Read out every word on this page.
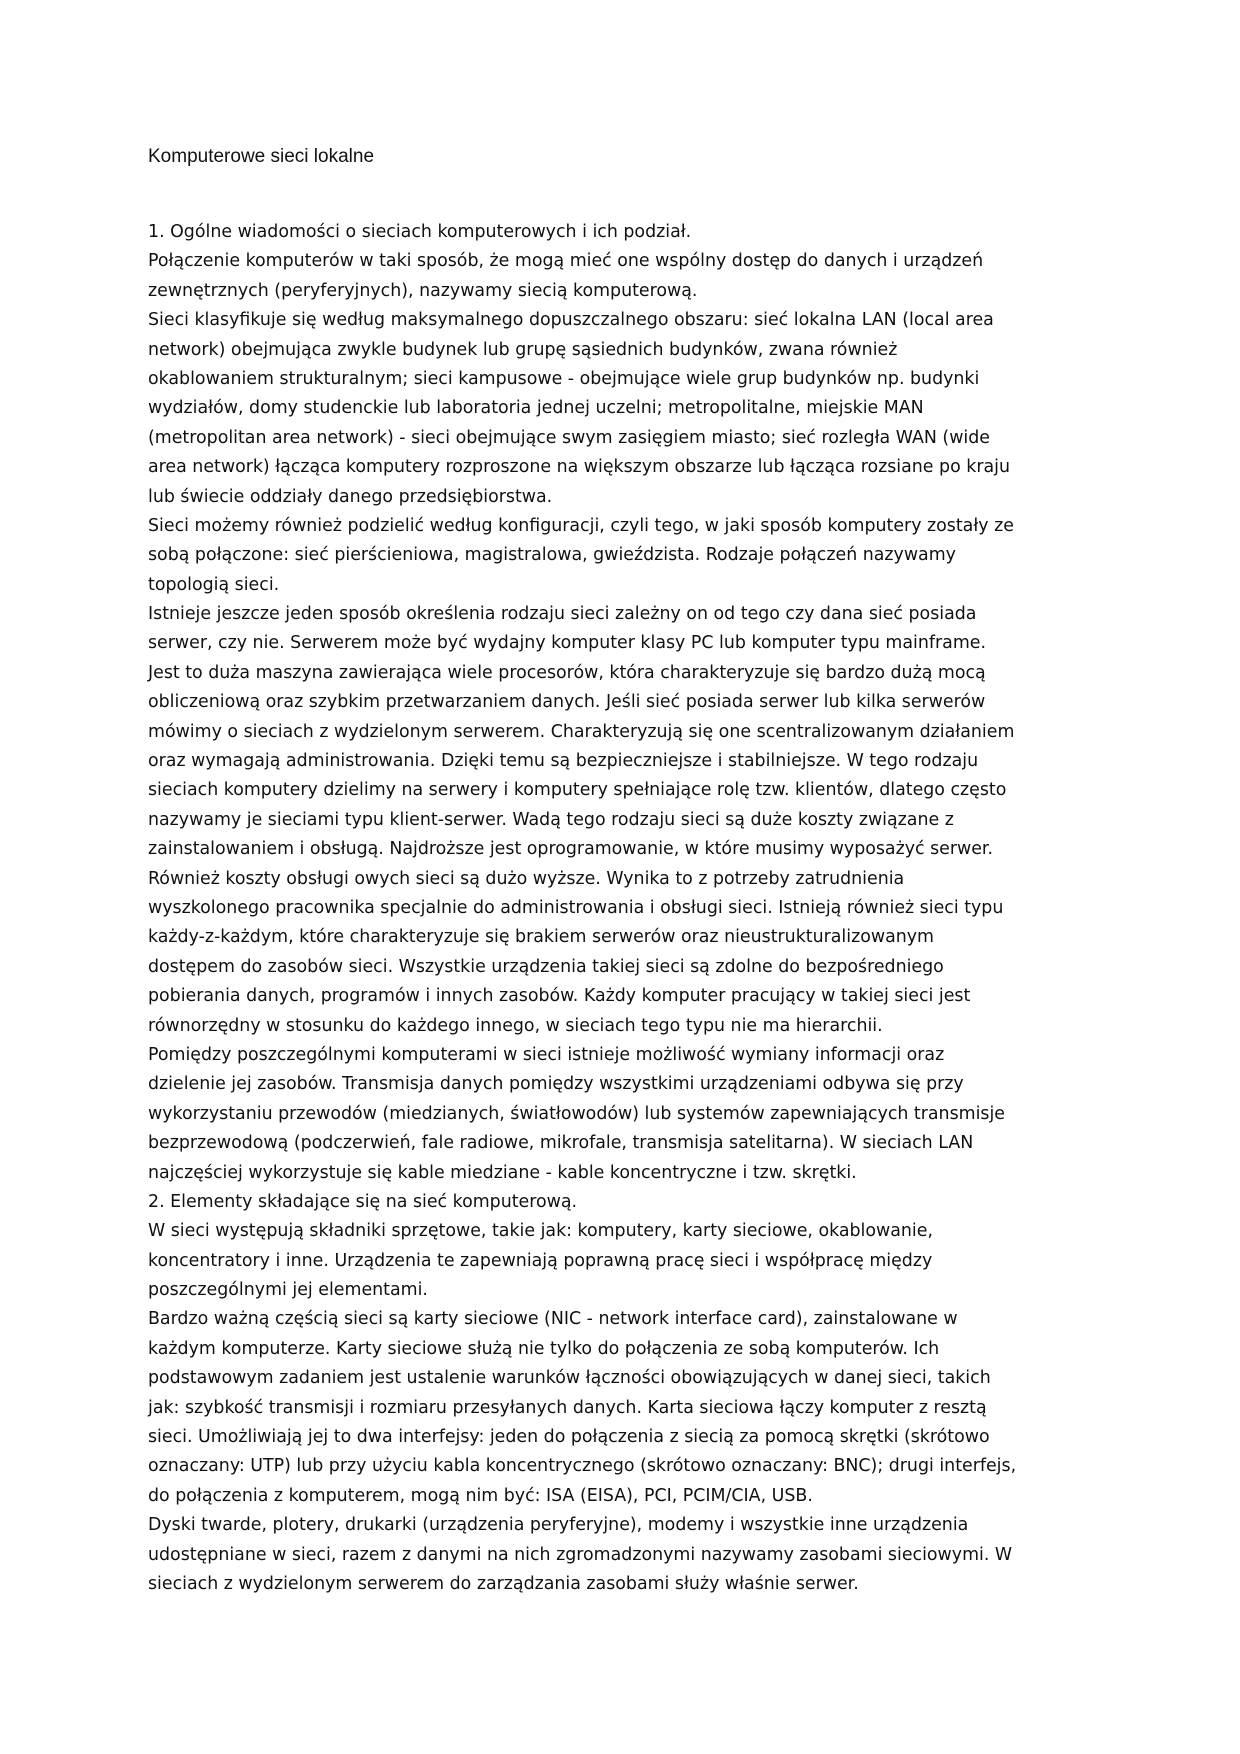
Komputerowe sieci lokalne
1. Ogólne wiadomości o sieciach komputerowych i ich podział.
Połączenie komputerów w taki sposób, że mogą mieć one wspólny dostęp do danych i urządzeń
zewnętrznych (peryferyjnych), nazywamy siecią komputerową.
Sieci klasyfikuje się według maksymalnego dopuszczalnego obszaru: sieć lokalna LAN (local area
network) obejmująca zwykle budynek lub grupę sąsiednich budynków, zwana również
okablowaniem strukturalnym; sieci kampusowe - obejmujące wiele grup budynków np. budynki
wydziałów, domy studenckie lub laboratoria jednej uczelni; metropolitalne, miejskie MAN
(metropolitan area network) - sieci obejmujące swym zasięgiem miasto; sieć rozległa WAN (wide
area network) łącząca komputery rozproszone na większym obszarze lub łącząca rozsiane po kraju
lub świecie oddziały danego przedsiębiorstwa.
Sieci możemy również podzielić według konfiguracji, czyli tego, w jaki sposób komputery zostały ze
sobą połączone: sieć pierścieniowa, magistralowa, gwieździsta. Rodzaje połączeń nazywamy
topologią sieci.
Istnieje jeszcze jeden sposób określenia rodzaju sieci zależny on od tego czy dana sieć posiada
serwer, czy nie. Serwerem może być wydajny komputer klasy PC lub komputer typu mainframe.
Jest to duża maszyna zawierająca wiele procesorów, która charakteryzuje się bardzo dużą mocą
obliczeniową oraz szybkim przetwarzaniem danych. Jeśli sieć posiada serwer lub kilka serwerów
mówimy o sieciach z wydzielonym serwerem. Charakteryzują się one scentralizowanym działaniem
oraz wymagają administrowania. Dzięki temu są bezpieczniejsze i stabilniejsze. W tego rodzaju
sieciach komputery dzielimy na serwery i komputery spełniające rolę tzw. klientów, dlatego często
nazywamy je sieciami typu klient-serwer. Wadą tego rodzaju sieci są duże koszty związane z
zainstalowaniem i obsługą. Najdroższe jest oprogramowanie, w które musimy wyposażyć serwer.
Również koszty obsługi owych sieci są dużo wyższe. Wynika to z potrzeby zatrudnienia
wyszkolonego pracownika specjalnie do administrowania i obsługi sieci. Istnieją również sieci typu
każdy-z-każdym, które charakteryzuje się brakiem serwerów oraz nieustrukturalizowanym
dostępem do zasobów sieci. Wszystkie urządzenia takiej sieci są zdolne do bezpośredniego
pobierania danych, programów i innych zasobów. Każdy komputer pracujący w takiej sieci jest
równorzędny w stosunku do każdego innego, w sieciach tego typu nie ma hierarchii.
Pomiędzy poszczególnymi komputerami w sieci istnieje możliwość wymiany informacji oraz
dzielenie jej zasobów. Transmisja danych pomiędzy wszystkimi urządzeniami odbywa się przy
wykorzystaniu przewodów (miedzianych, światłowodów) lub systemów zapewniających transmisje
bezprzewodową (podczerwień, fale radiowe, mikrofale, transmisja satelitarna). W sieciach LAN
najczęściej wykorzystuje się kable miedziane - kable koncentryczne i tzw. skrętki.
2. Elementy składające się na sieć komputerową.
W sieci występują składniki sprzętowe, takie jak: komputery, karty sieciowe, okablowanie,
koncentratory i inne. Urządzenia te zapewniają poprawną pracę sieci i współpracę między
poszczególnymi jej elementami.
Bardzo ważną częścią sieci są karty sieciowe (NIC - network interface card), zainstalowane w
każdym komputerze. Karty sieciowe służą nie tylko do połączenia ze sobą komputerów. Ich
podstawowym zadaniem jest ustalenie warunków łączności obowiązujących w danej sieci, takich
jak: szybkość transmisji i rozmiaru przesyłanych danych. Karta sieciowa łączy komputer z resztą
sieci. Umożliwiają jej to dwa interfejsy: jeden do połączenia z siecią za pomocą skrętki (skrótowo
oznaczany: UTP) lub przy użyciu kabla koncentrycznego (skrótowo oznaczany: BNC); drugi interfejs,
do połączenia z komputerem, mogą nim być: ISA (EISA), PCI, PCIM/CIA, USB.
Dyski twarde, plotery, drukarki (urządzenia peryferyjne), modemy i wszystkie inne urządzenia
udostępniane w sieci, razem z danymi na nich zgromadzonymi nazywamy zasobami sieciowymi. W
sieciach z wydzielonym serwerem do zarządzania zasobami służy właśnie serwer.
